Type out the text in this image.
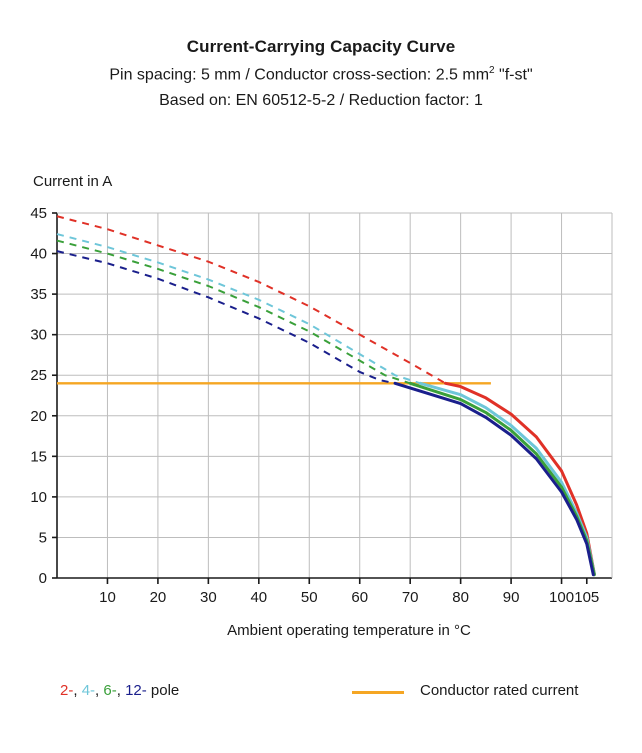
Current-Carrying Capacity Curve
Pin spacing: 5 mm / Conductor cross-section: 2.5 $mm^2$ "f-st"
Based on: EN 60512-5-2 / Reduction factor: 1
Current in A
0
5
10
15
20
25
30
35
40
45
10 20 30 40 50 60 70 80 90 100 105
Ambient operating temperature in °C
2-, 4-, 6-, 12- pole	Conductor rated current
